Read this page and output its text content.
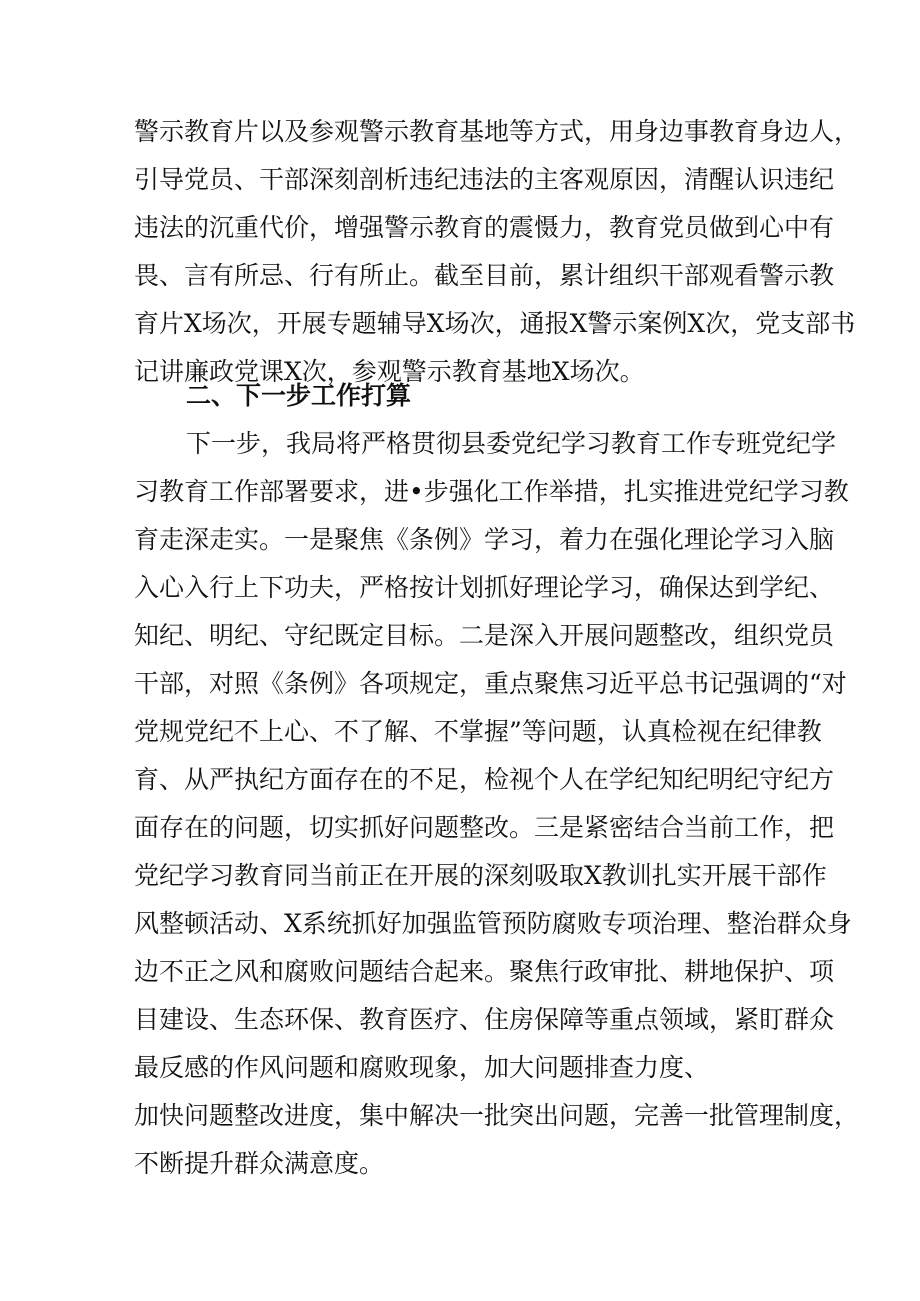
警示教育片以及参观警示教育基地等方式，用身边事教育身边人，
引导党员、干部深刻剖析违纪违法的主客观原因，清醒认识违纪
违法的沉重代价，增强警示教育的震慑力，教育党员做到心中有
畏、言有所忌、行有所止。截至目前，累计组织干部观看警示教
育片X场次，开展专题辅导X场次，通报X警示案例X次，党支部书
记讲廉政党课X次，参观警示教育基地X场次。
二、下一步工作打算
下一步，我局将严格贯彻县委党纪学习教育工作专班党纪学
习教育工作部署要求，进•步强化工作举措，扎实推进党纪学习教
育走深走实。一是聚焦《条例》学习，着力在强化理论学习入脑
入心入行上下功夫，严格按计划抓好理论学习，确保达到学纪、
知纪、明纪、守纪既定目标。二是深入开展问题整改，组织党员
干部，对照《条例》各项规定，重点聚焦习近平总书记强调的“对
党规党纪不上心、不了解、不掌握”等问题，认真检视在纪律教
育、从严执纪方面存在的不足，检视个人在学纪知纪明纪守纪方
面存在的问题，切实抓好问题整改。三是紧密结合当前工作，把
党纪学习教育同当前正在开展的深刻吸取X教训扎实开展干部作
风整顿活动、X系统抓好加强监管预防腐败专项治理、整治群众身
边不正之风和腐败问题结合起来。聚焦行政审批、耕地保护、项
目建设、生态环保、教育医疗、住房保障等重点领域，紧盯群众
最反感的作风问题和腐败现象，加大问题排查力度、
加快问题整改进度，集中解决一批突出问题，完善一批管理制度，
不断提升群众满意度。
